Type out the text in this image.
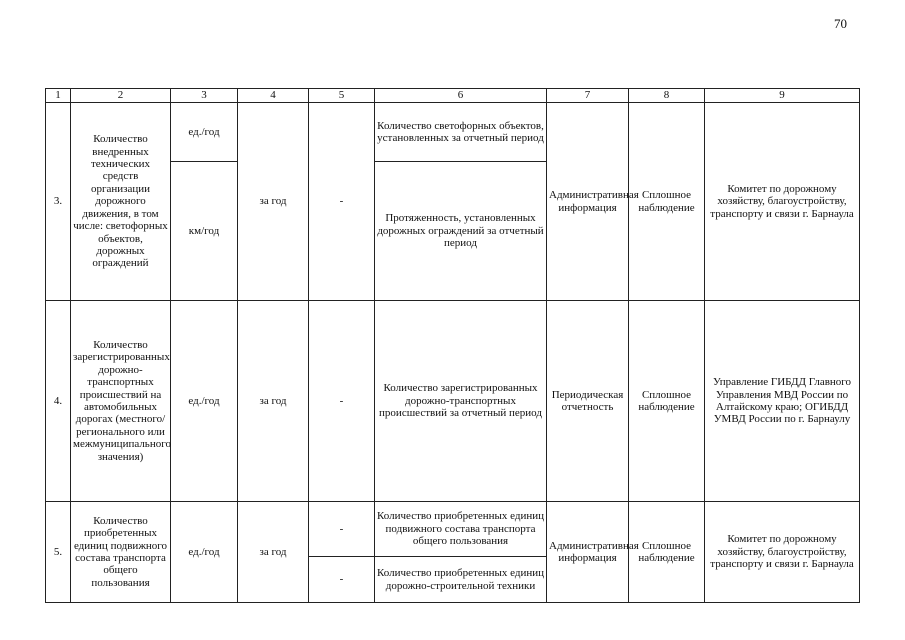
70
1	2	3	4	5	6	7	8	9
3.	Количество внедренных технических средств организации дорожного движения, в том числе: светофорных объектов, дорожных ограждений	ед./год	за год	-	Количество светофорных объектов, установленных за отчетный период	Административная информация	Сплошное наблюдение	Комитет по дорожному хозяйству, благоустройству, транспорту и связи г. Барнаула
		км/год			Протяженность, установленных дорожных ограждений за отчетный период			
4.	Количество зарегистрированных дорожно-транспортных происшествий на автомобильных дорогах (местного/регионального или межмуниципального значения)	ед./год	за год	-	Количество зарегистрированных дорожно-транспортных происшествий за отчетный период	Периодическая отчетность	Сплошное наблюдение	Управление ГИБДД Главного Управления МВД России по Алтайскому краю; ОГИБДД УМВД России по г. Барнаулу
5.	Количество приобретенных единиц подвижного состава транспорта общего пользования	ед./год	за год	-	Количество приобретенных единиц подвижного состава транспорта общего пользования	Административная информация	Сплошное наблюдение	Комитет по дорожному хозяйству, благоустройству, транспорту и связи г. Барнаула
				-	Количество приобретенных единиц дорожно-строительной техники			
